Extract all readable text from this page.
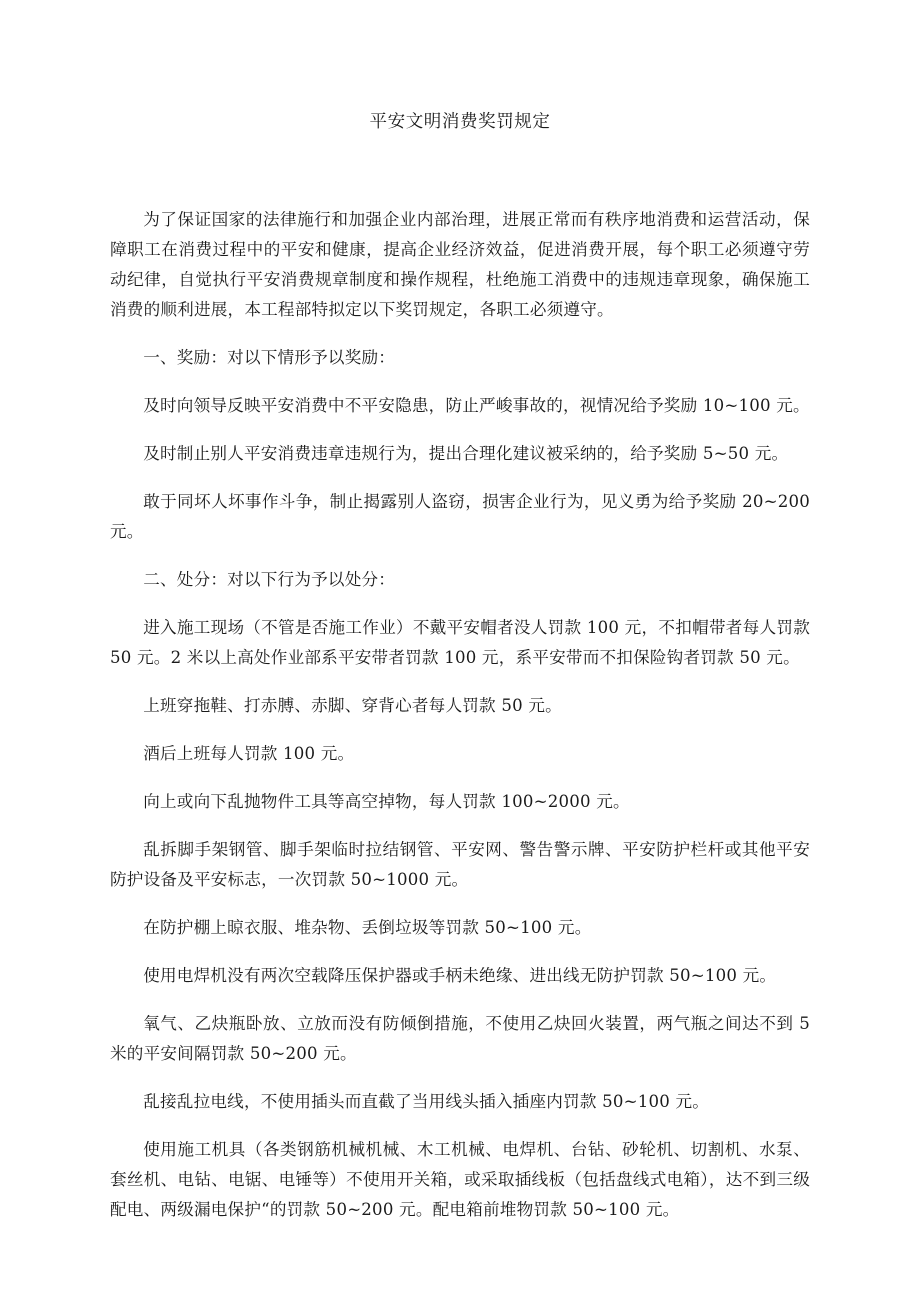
平安文明消费奖罚规定

为了保证国家的法律施行和加强企业内部治理，进展正常而有秩序地消费和运营活动，保障职工在消费过程中的平安和健康，提高企业经济效益，促进消费开展，每个职工必须遵守劳动纪律，自觉执行平安消费规章制度和操作规程，杜绝施工消费中的违规违章现象，确保施工消费的顺利进展，本工程部特拟定以下奖罚规定，各职工必须遵守。

一、奖励：对以下情形予以奖励：

及时向领导反映平安消费中不平安隐患，防止严峻事故的，视情况给予奖励 10~100 元。

及时制止别人平安消费违章违规行为，提出合理化建议被采纳的，给予奖励 5~50 元。

敢于同坏人坏事作斗争，制止揭露别人盗窃，损害企业行为，见义勇为给予奖励 20~200 元。

二、处分：对以下行为予以处分：

进入施工现场（不管是否施工作业）不戴平安帽者没人罚款 100 元，不扣帽带者每人罚款 50 元。2 米以上高处作业部系平安带者罚款 100 元，系平安带而不扣保险钩者罚款 50 元。

上班穿拖鞋、打赤膊、赤脚、穿背心者每人罚款 50 元。

酒后上班每人罚款 100 元。

向上或向下乱抛物件工具等高空掉物，每人罚款 100~2000 元。

乱拆脚手架钢管、脚手架临时拉结钢管、平安网、警告警示牌、平安防护栏杆或其他平安防护设备及平安标志，一次罚款 50~1000 元。

在防护棚上晾衣服、堆杂物、丢倒垃圾等罚款 50~100 元。

使用电焊机没有两次空载降压保护器或手柄未绝缘、进出线无防护罚款 50~100 元。

氧气、乙炔瓶卧放、立放而没有防倾倒措施，不使用乙炔回火装置，两气瓶之间达不到 5 米的平安间隔罚款 50~200 元。

乱接乱拉电线，不使用插头而直截了当用线头插入插座内罚款 50~100 元。

使用施工机具（各类钢筋机械机械、木工机械、电焊机、台钻、砂轮机、切割机、水泵、套丝机、电钻、电锯、电锤等）不使用开关箱，或采取插线板（包括盘线式电箱），达不到三级配电、两级漏电保护“的罚款 50~200 元。配电箱前堆物罚款 50~100 元。
